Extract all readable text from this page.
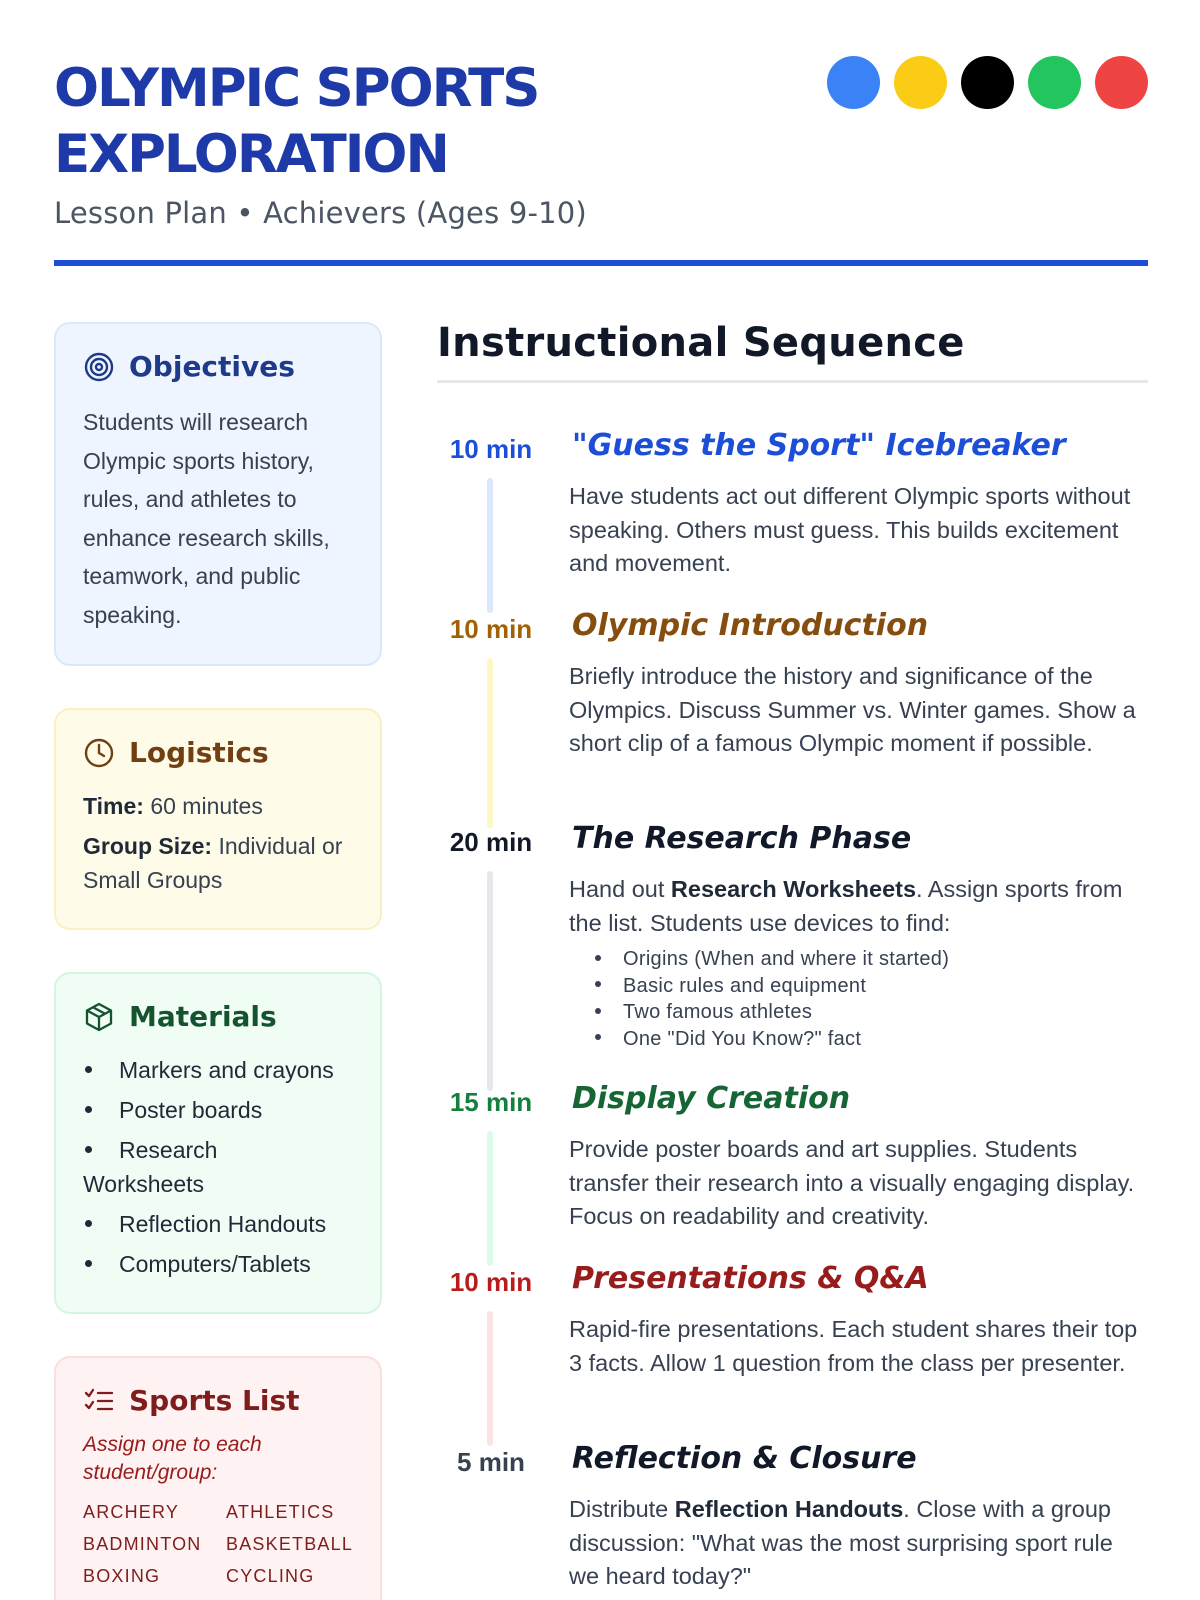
OLYMPIC SPORTS EXPLORATION
Lesson Plan • Achievers (Ages 9-10)
Objectives

Students will research Olympic sports history, rules, and athletes to enhance research skills, teamwork, and public speaking.

Logistics
Time: 60 minutes
Group Size: Individual or Small Groups
Materials
Markers and crayons
Poster boards
Research Worksheets
Reflection Handouts
Computers/Tablets
Sports List
Assign one to each student/group:
ARCHERY	ATHLETICS
BADMINTON	BASKETBALL
BOXING	CYCLING
Instructional Sequence
10 min	"Guess the Sport" Icebreaker
Have students act out different Olympic sports without speaking. Others must guess. This builds excitement and movement.
10 min	Olympic Introduction
Briefly introduce the history and significance of the Olympics. Discuss Summer vs. Winter games. Show a short clip of a famous Olympic moment if possible.
20 min	The Research Phase
Hand out Research Worksheets. Assign sports from the list. Students use devices to find:
Origins (When and where it started)
Basic rules and equipment
Two famous athletes
One "Did You Know?" fact
15 min	Display Creation
Provide poster boards and art supplies. Students transfer their research into a visually engaging display. Focus on readability and creativity.
10 min	Presentations & Q&A
Rapid-fire presentations. Each student shares their top 3 facts. Allow 1 question from the class per presenter.
5 min	Reflection & Closure
Distribute Reflection Handouts. Close with a group discussion: "What was the most surprising sport rule we heard today?"
